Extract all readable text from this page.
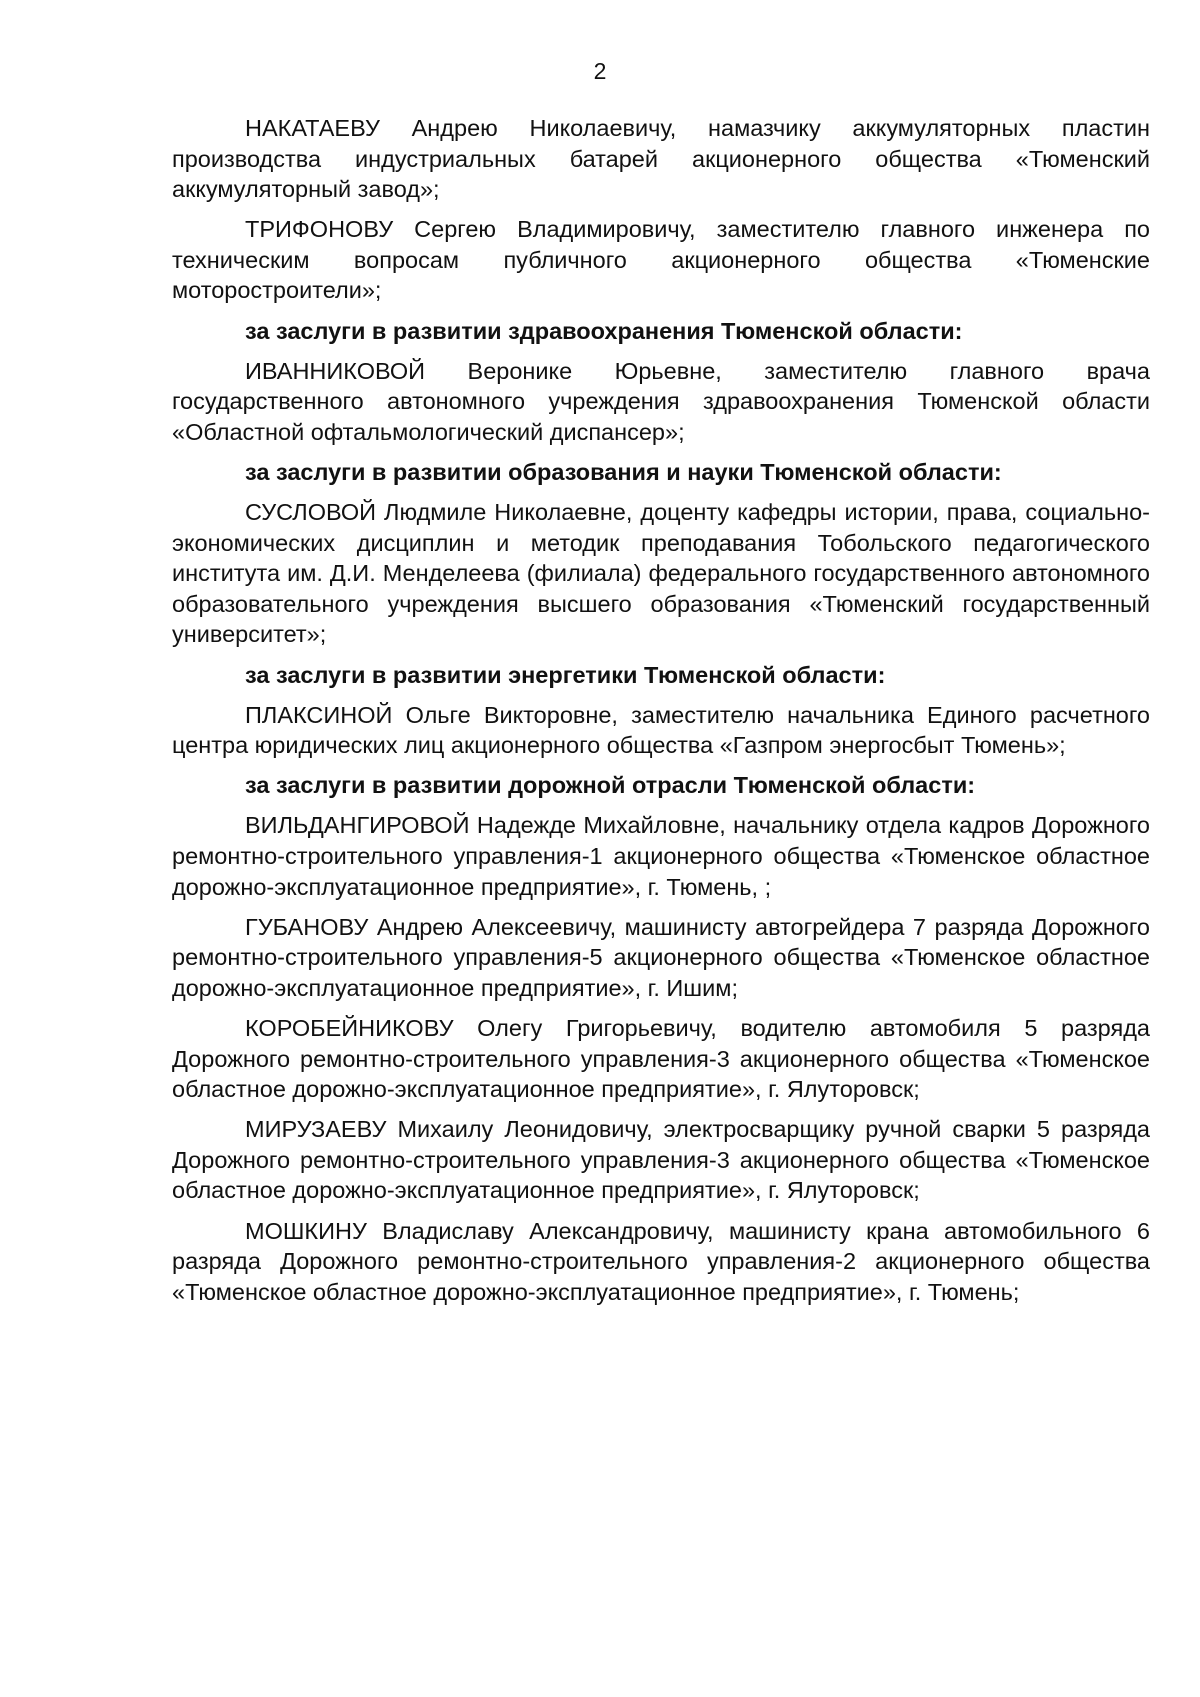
2

НАКАТАЕВУ Андрею Николаевичу, намазчику аккумуляторных пластин производства индустриальных батарей акционерного общества «Тюменский аккумуляторный завод»;

ТРИФОНОВУ Сергею Владимировичу, заместителю главного инженера по техническим вопросам публичного акционерного общества «Тюменские моторостроители»;

за заслуги в развитии здравоохранения Тюменской области:

ИВАННИКОВОЙ Веронике Юрьевне, заместителю главного врача государственного автономного учреждения здравоохранения Тюменской области «Областной офтальмологический диспансер»;

за заслуги в развитии образования и науки Тюменской области:

СУСЛОВОЙ Людмиле Николаевне, доценту кафедры истории, права, социально-экономических дисциплин и методик преподавания Тобольского педагогического института им. Д.И. Менделеева (филиала) федерального государственного автономного образовательного учреждения высшего образования «Тюменский государственный университет»;

за заслуги в развитии энергетики Тюменской области:

ПЛАКСИНОЙ Ольге Викторовне, заместителю начальника Единого расчетного центра юридических лиц акционерного общества «Газпром энергосбыт Тюмень»;

за заслуги в развитии дорожной отрасли Тюменской области:

ВИЛЬДАНГИРОВОЙ Надежде Михайловне, начальнику отдела кадров Дорожного ремонтно-строительного управления-1 акционерного общества «Тюменское областное дорожно-эксплуатационное предприятие», г. Тюмень, ;

ГУБАНОВУ Андрею Алексеевичу, машинисту автогрейдера 7 разряда Дорожного ремонтно-строительного управления-5 акционерного общества «Тюменское областное дорожно-эксплуатационное предприятие», г. Ишим;

КОРОБЕЙНИКОВУ Олегу Григорьевичу, водителю автомобиля 5 разряда Дорожного ремонтно-строительного управления-3 акционерного общества «Тюменское областное дорожно-эксплуатационное предприятие», г. Ялуторовск;

МИРУЗАЕВУ Михаилу Леонидовичу, электросварщику ручной сварки 5 разряда Дорожного ремонтно-строительного управления-3 акционерного общества «Тюменское областное дорожно-эксплуатационное предприятие», г. Ялуторовск;

МОШКИНУ Владиславу Александровичу, машинисту крана автомобильного 6 разряда Дорожного ремонтно-строительного управления-2 акционерного общества «Тюменское областное дорожно-эксплуатационное предприятие», г. Тюмень;
